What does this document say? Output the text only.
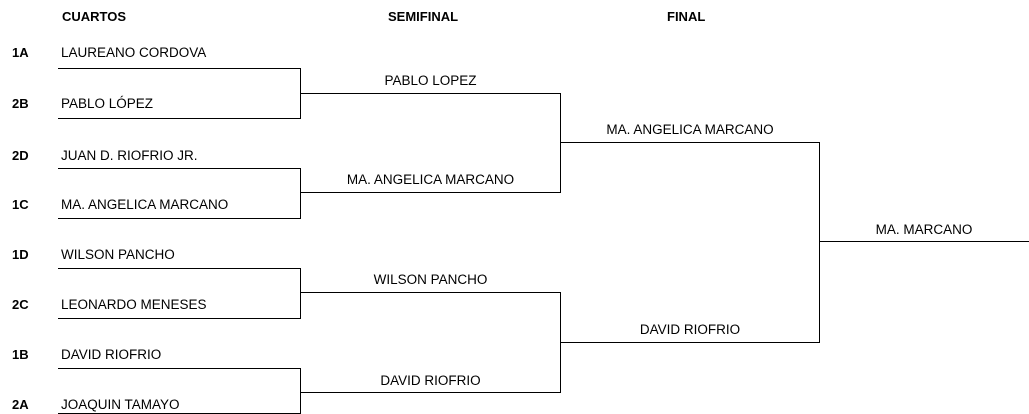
CUARTOS	SEMIFINAL	FINAL
1A
2B
2D
1C
1D
2C
1B
2A
LAUREANO CORDOVA
PABLO LÓPEZ
JUAN D. RIOFRIO JR.
MA. ANGELICA MARCANO
WILSON PANCHO
LEONARDO MENESES
DAVID RIOFRIO
JOAQUIN TAMAYO
PABLO LOPEZ
MA. ANGELICA MARCANO
WILSON PANCHO
DAVID RIOFRIO
MA. ANGELICA MARCANO
DAVID RIOFRIO
MA. MARCANO
